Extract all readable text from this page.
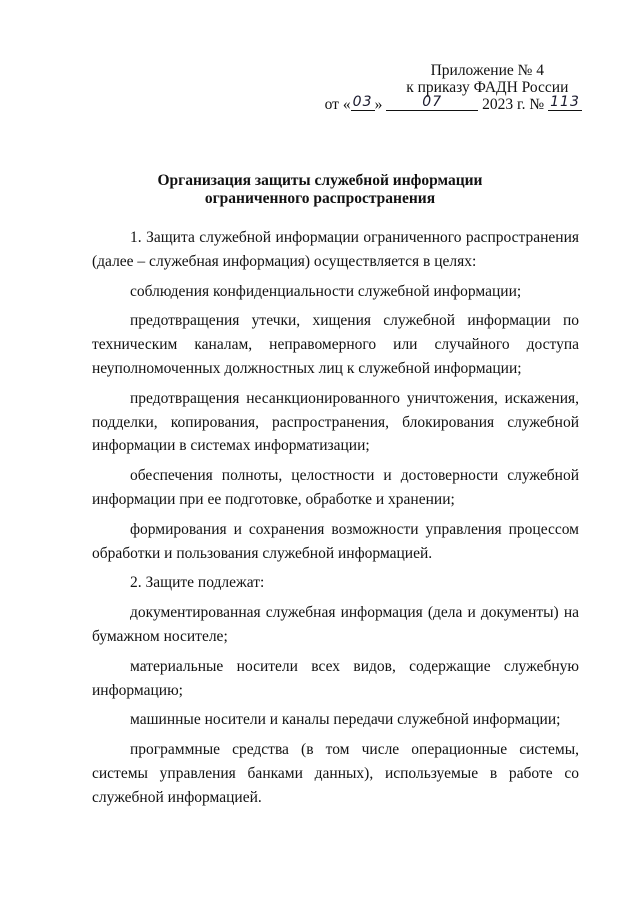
Приложение № 4
к приказу ФАДН России
от « 03 »	07	2023 г. № 113
Организация защиты служебной информации
ограниченного распространения

1. Защита служебной информации ограниченного распространения (далее – служебная информация) осуществляется в целях:

соблюдения конфиденциальности служебной информации;

предотвращения утечки, хищения служебной информации по техническим каналам, неправомерного или случайного доступа неуполномоченных должностных лиц к служебной информации;

предотвращения несанкционированного уничтожения, искажения, подделки, копирования, распространения, блокирования служебной информации в системах информатизации;

обеспечения полноты, целостности и достоверности служебной информации при ее подготовке, обработке и хранении;

формирования и сохранения возможности управления процессом обработки и пользования служебной информацией.

2. Защите подлежат:

документированная служебная информация (дела и документы) на бумажном носителе;

материальные носители всех видов, содержащие служебную информацию;

машинные носители и каналы передачи служебной информации;

программные средства (в том числе операционные системы, системы управления банками данных), используемые в работе со служебной информацией.
